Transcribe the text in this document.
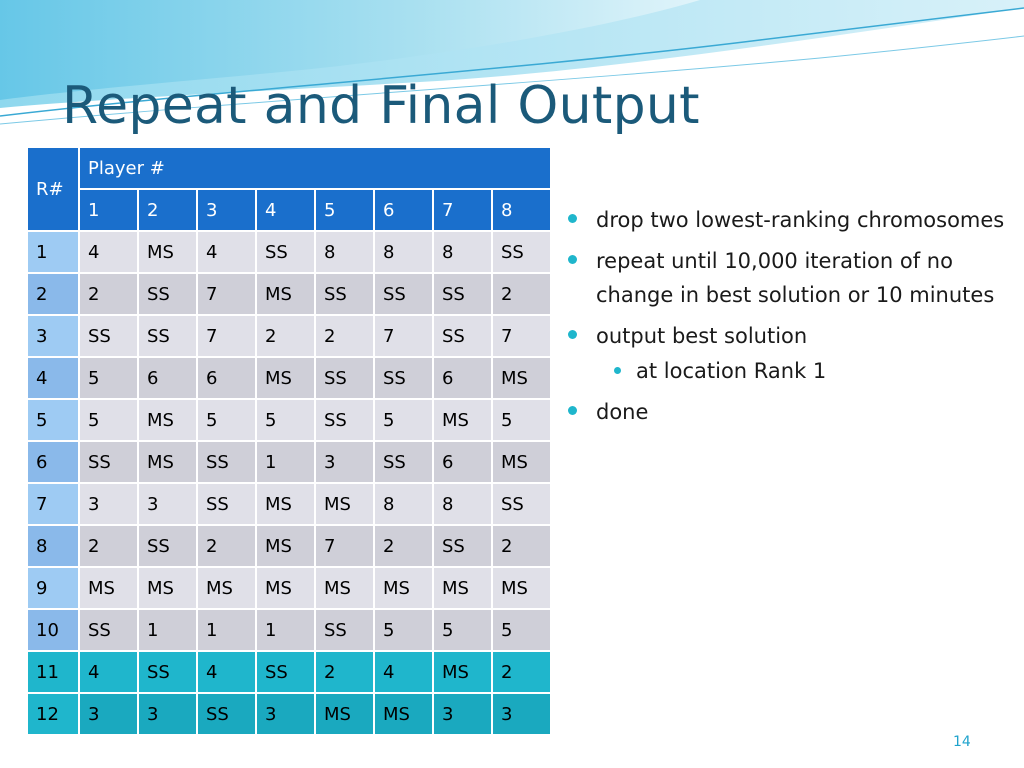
Repeat and Final Output
R#	Player #							
	1	2	3	4	5	6	7	8
1	4	MS	4	SS	8	8	8	SS
2	2	SS	7	MS	SS	SS	SS	2
3	SS	SS	7	2	2	7	SS	7
4	5	6	6	MS	SS	SS	6	MS
5	5	MS	5	5	SS	5	MS	5
6	SS	MS	SS	1	3	SS	6	MS
7	3	3	SS	MS	MS	8	8	SS
8	2	SS	2	MS	7	2	SS	2
9	MS	MS	MS	MS	MS	MS	MS	MS
10	SS	1	1	1	SS	5	5	5
11	4	SS	4	SS	2	4	MS	2
12	3	3	SS	3	MS	MS	3	3
drop two lowest-ranking chromosomes
repeat until 10,000 iteration of no change in best solution or 10 minutes
output best solution
at location Rank 1
done
14
